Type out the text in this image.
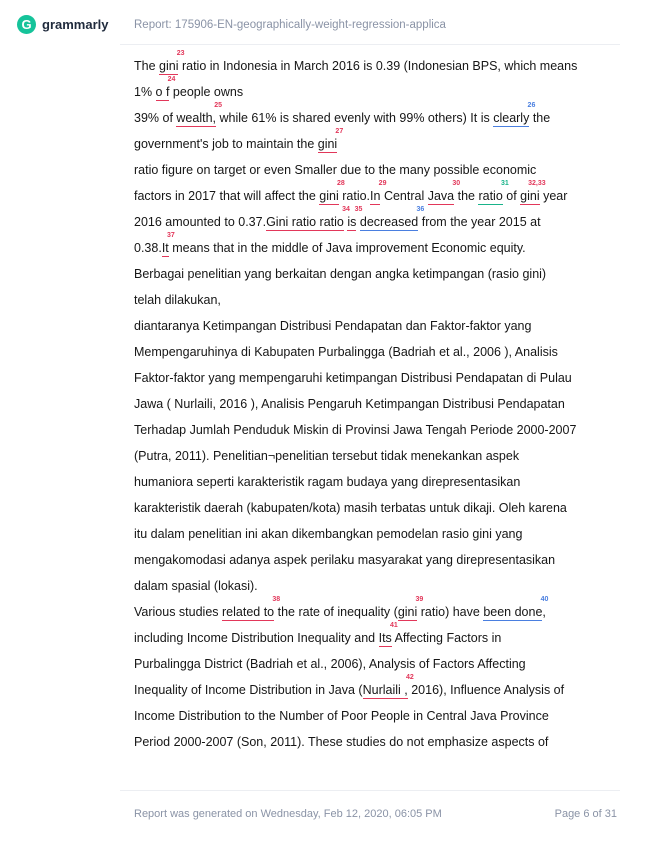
G grammarly Report: 175906-EN-geographically-weight-regression-applica
The gini
23
ratio in Indonesia in March 2016 is 0.39 (Indonesian BPS, which means
1% o f
24
people owns
39% of wealth,
25
while 61% is shared evenly with 99% others) It is clearly
26
the
government's job to maintain the gini
27
ratio figure on target or even Smaller due to the many possible economic
factors in 2017 that will affect the gini
28
ratio.In
29
Central Java
30
the ratio
31
of gini
32,33
year
2016 amounted to 0.37.Gini ratio ratio
34
is
35
decreased
36
from the year 2015 at
0.38.It
37
means that in the middle of Java improvement Economic equity.
Berbagai penelitian yang berkaitan dengan angka ketimpangan (rasio gini)
telah dilakukan,
diantaranya Ketimpangan Distribusi Pendapatan dan Faktor-faktor yang
Mempengaruhinya di Kabupaten Purbalingga (Badriah et al., 2006 ), Analisis
Faktor-faktor yang mempengaruhi ketimpangan Distribusi Pendapatan di Pulau
Jawa ( Nurlaili, 2016 ), Analisis Pengaruh Ketimpangan Distribusi Pendapatan
Terhadap Jumlah Penduduk Miskin di Provinsi Jawa Tengah Periode 2000-2007
(Putra, 2011). Penelitian¬penelitian tersebut tidak menekankan aspek
humaniora seperti karakteristik ragam budaya yang direpresentasikan
karakteristik daerah (kabupaten/kota) masih terbatas untuk dikaji. Oleh karena
itu dalam penelitian ini akan dikembangkan pemodelan rasio gini yang
mengakomodasi adanya aspek perilaku masyarakat yang direpresentasikan
dalam spasial (lokasi).
Various studies related to
38
the rate of inequality (gini
39
ratio) have been done
40
,
including Income Distribution Inequality and Its
41
Affecting Factors in
Purbalingga District (Badriah et al., 2006), Analysis of Factors Affecting
Inequality of Income Distribution in Java (Nurlaili ,
42
2016), Influence Analysis of
Income Distribution to the Number of Poor People in Central Java Province
Period 2000-2007 (Son, 2011). These studies do not emphasize aspects of
Report was generated on Wednesday, Feb 12, 2020, 06:05 PM	Page 6 of 31
